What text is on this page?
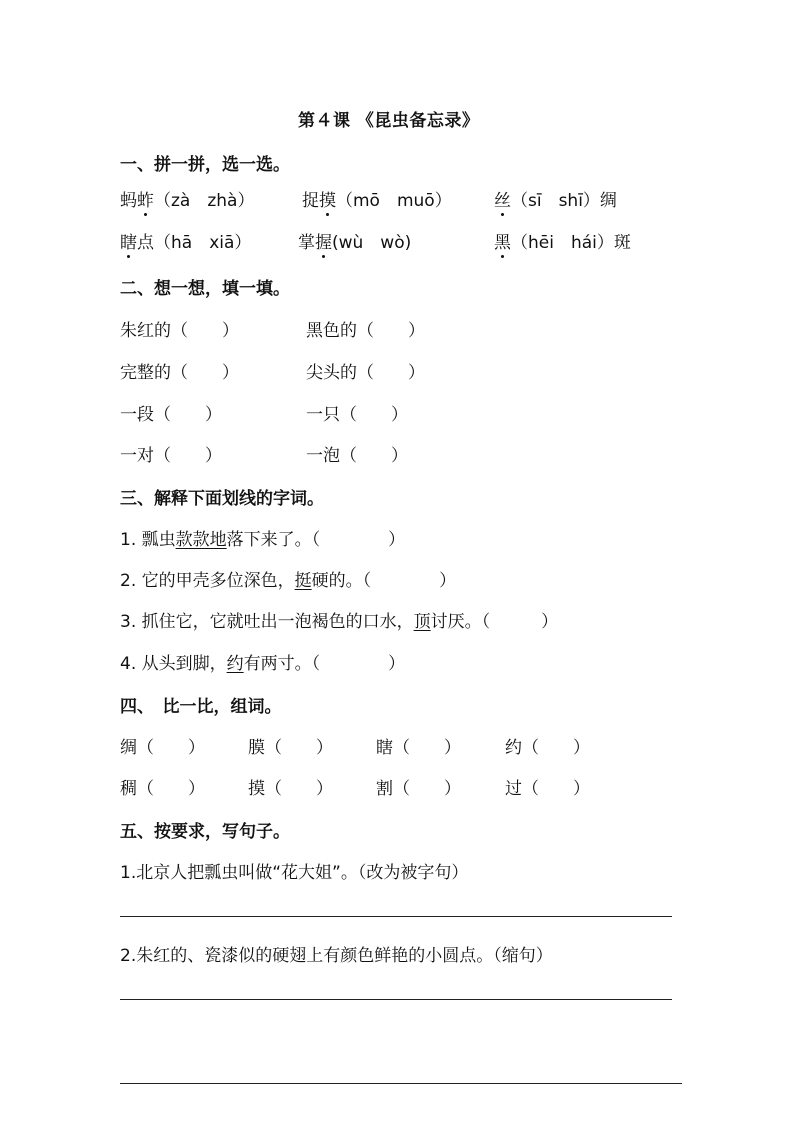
第４课 《昆虫备忘录》
一、拼一拼，选一选。
蚂蚱（zà　zhà）	捉摸（mō　muō） 丝（sī　shī）绸
瞎点（hā　xiā）	掌握(wù　wò)	黑（hēi　hái）斑
二、想一想，填一填。
朱红的（　　）	黑色的（　　）
完整的（　　）	尖头的（　　）
一段（　　）	一只（　　）
一对（　　）	一泡（　　）
三、解释下面划线的字词。
1. 瓢虫款款地落下来了。（　　　　）
2. 它的甲壳多位深色，挺硬的。（　　　　）
3. 抓住它，它就吐出一泡褐色的口水，顶讨厌。（　　　）
4. 从头到脚，约有两寸。（　　　　）
四、　比一比，组词。
绸（　　）	膜（　　）	瞎（　　）	约（　　）
稠（　　）	摸（　　）	割（　　）	过（　　）
五、按要求，写句子。
1.北京人把瓢虫叫做“花大姐”。（改为被字句）
2.朱红的、瓷漆似的硬翅上有颜色鲜艳的小圆点。（缩句）
